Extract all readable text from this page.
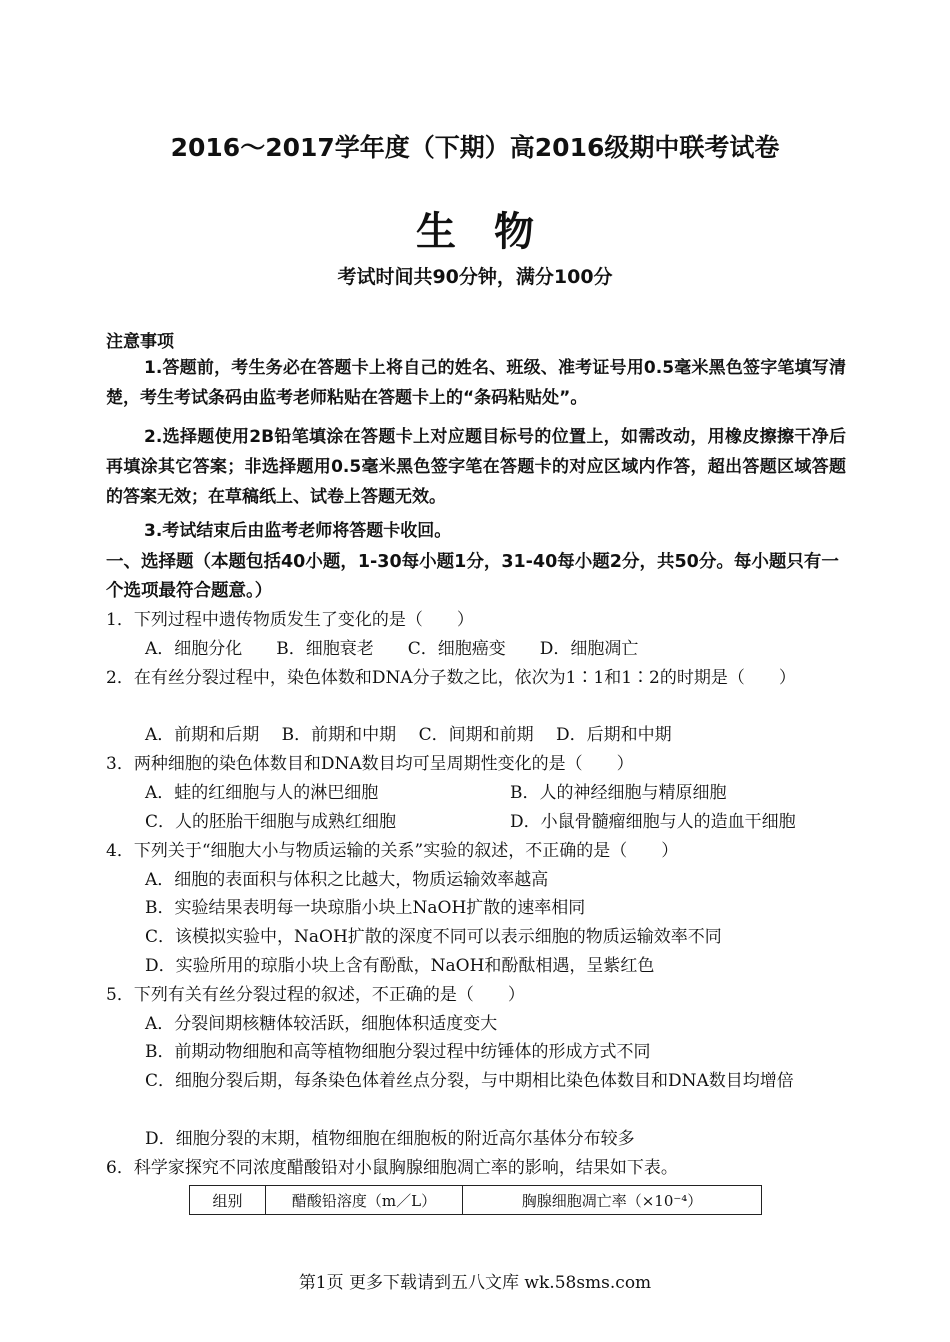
2016～2017学年度（下期）高2016级期中联考试卷
生物
考试时间共90分钟，满分100分
注意事项
1.答题前，考生务必在答题卡上将自己的姓名、班级、准考证号用0.5毫米黑色签字笔填写清楚，考生考试条码由监考老师粘贴在答题卡上的“条码粘贴处”。
2.选择题使用2B铅笔填涂在答题卡上对应题目标号的位置上，如需改动，用橡皮擦擦干净后再填涂其它答案；非选择题用0.5毫米黑色签字笔在答题卡的对应区域内作答，超出答题区域答题的答案无效；在草稿纸上、试卷上答题无效。
3.考试结束后由监考老师将答题卡收回。
一、选择题（本题包括40小题，1-30每小题1分，31-40每小题2分，共50分。每小题只有一个选项最符合题意。）
1．下列过程中遗传物质发生了变化的是（　　）
A．细胞分化　　B．细胞衰老　　C．细胞癌变　　D．细胞凋亡
2．在有丝分裂过程中，染色体数和DNA分子数之比，依次为1∶1和1∶2的时期是（　　）
A．前期和后期　 B．前期和中期　 C．间期和前期　 D．后期和中期
3．两种细胞的染色体数目和DNA数目均可呈周期性变化的是（　　）
A．蛙的红细胞与人的淋巴细胞	B．人的神经细胞与精原细胞
C．人的胚胎干细胞与成熟红细胞	D．小鼠骨髓瘤细胞与人的造血干细胞
4．下列关于“细胞大小与物质运输的关系”实验的叙述，不正确的是（　　）
A．细胞的表面积与体积之比越大，物质运输效率越高
B．实验结果表明每一块琼脂小块上NaOH扩散的速率相同
C．该模拟实验中，NaOH扩散的深度不同可以表示细胞的物质运输效率不同
D．实验所用的琼脂小块上含有酚酞，NaOH和酚酞相遇，呈紫红色
5．下列有关有丝分裂过程的叙述，不正确的是（　　）
A．分裂间期核糖体较活跃，细胞体积适度变大
B．前期动物细胞和高等植物细胞分裂过程中纺锤体的形成方式不同
C．细胞分裂后期，每条染色体着丝点分裂，与中期相比染色体数目和DNA数目均增倍
D．细胞分裂的末期，植物细胞在细胞板的附近高尔基体分布较多
6．科学家探究不同浓度醋酸铅对小鼠胸腺细胞凋亡率的影响，结果如下表。
组别	醋酸铅溶度（m／L）	胸腺细胞凋亡率（×10⁻⁴）
第1页 更多下载请到五八文库 wk.58sms.com
